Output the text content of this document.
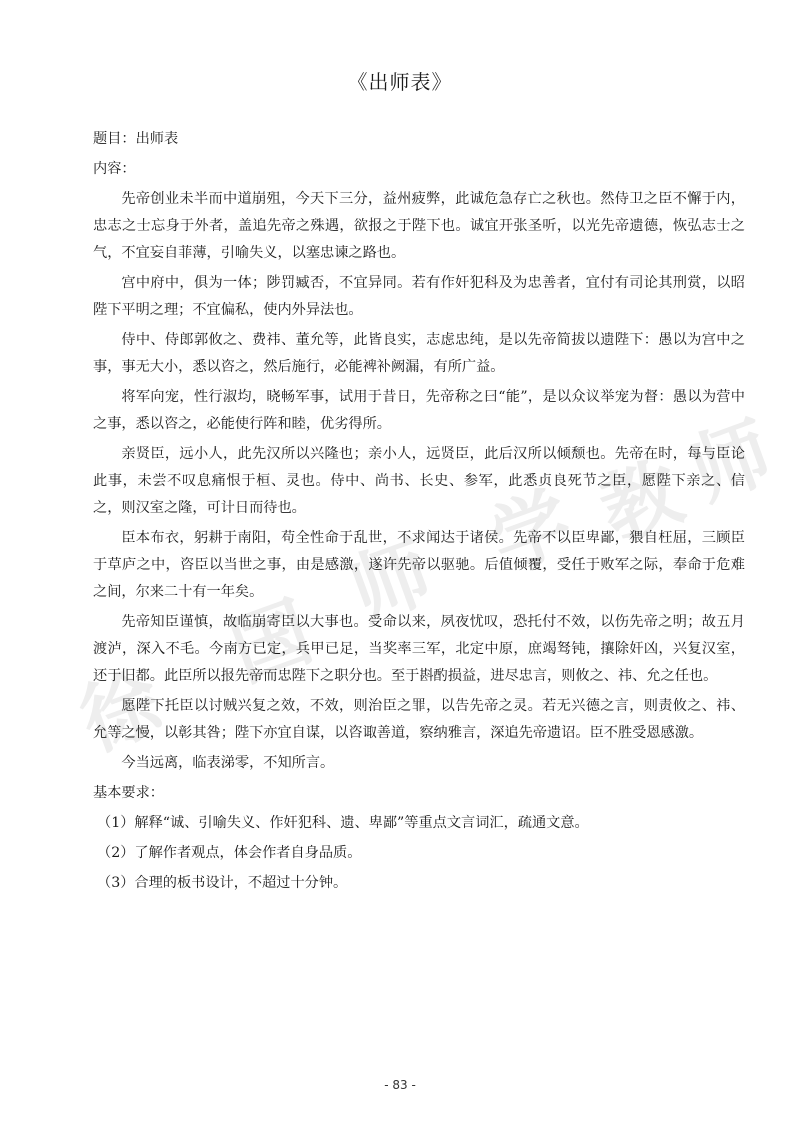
徐
国
师 学 教
师
《出师表》

题目：出师表

内容：

先帝创业未半而中道崩殂，今天下三分，益州疲弊，此诚危急存亡之秋也。然侍卫之臣不懈于内，忠志之士忘身于外者，盖追先帝之殊遇，欲报之于陛下也。诚宜开张圣听，以光先帝遗德，恢弘志士之气，不宜妄自菲薄，引喻失义，以塞忠谏之路也。

宫中府中，俱为一体；陟罚臧否，不宜异同。若有作奸犯科及为忠善者，宜付有司论其刑赏，以昭陛下平明之理；不宜偏私，使内外异法也。

侍中、侍郎郭攸之、费祎、董允等，此皆良实，志虑忠纯，是以先帝简拔以遗陛下：愚以为宫中之事，事无大小，悉以咨之，然后施行，必能裨补阙漏，有所广益。

将军向宠，性行淑均，晓畅军事，试用于昔日，先帝称之曰“能”，是以众议举宠为督：愚以为营中之事，悉以咨之，必能使行阵和睦，优劣得所。

亲贤臣，远小人，此先汉所以兴隆也；亲小人，远贤臣，此后汉所以倾颓也。先帝在时，每与臣论此事，未尝不叹息痛恨于桓、灵也。侍中、尚书、长史、参军，此悉贞良死节之臣，愿陛下亲之、信之，则汉室之隆，可计日而待也。

臣本布衣，躬耕于南阳，苟全性命于乱世，不求闻达于诸侯。先帝不以臣卑鄙，猥自枉屈，三顾臣于草庐之中，咨臣以当世之事，由是感激，遂许先帝以驱驰。后值倾覆，受任于败军之际，奉命于危难之间，尔来二十有一年矣。

先帝知臣谨慎，故临崩寄臣以大事也。受命以来，夙夜忧叹，恐托付不效，以伤先帝之明；故五月渡泸，深入不毛。今南方已定，兵甲已足，当奖率三军，北定中原，庶竭驽钝，攘除奸凶，兴复汉室，还于旧都。此臣所以报先帝而忠陛下之职分也。至于斟酌损益，进尽忠言，则攸之、祎、允之任也。

愿陛下托臣以讨贼兴复之效，不效，则治臣之罪，以告先帝之灵。若无兴德之言，则责攸之、祎、允等之慢，以彰其咎；陛下亦宜自谋，以咨诹善道，察纳雅言，深追先帝遗诏。臣不胜受恩感激。

今当远离，临表涕零，不知所言。

基本要求：

（1）解释“诚、引喻失义、作奸犯科、遗、卑鄙”等重点文言词汇，疏通文意。

（2）了解作者观点，体会作者自身品质。

（3）合理的板书设计，不超过十分钟。

- 83 -
